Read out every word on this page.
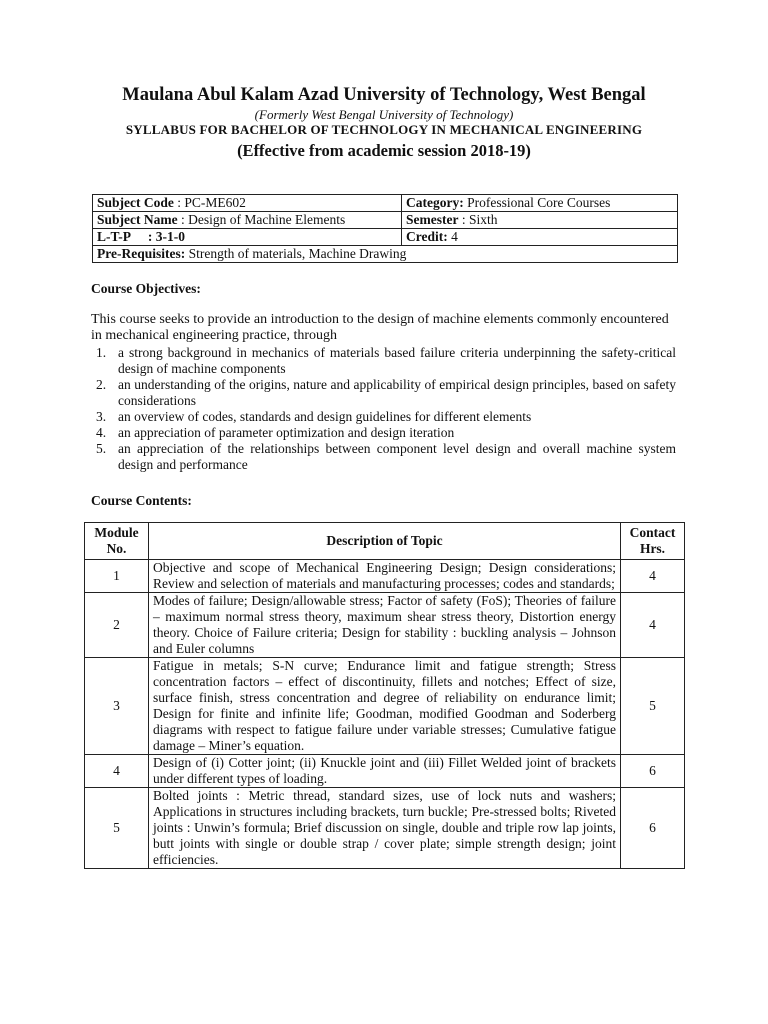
Maulana Abul Kalam Azad University of Technology, West Bengal
(Formerly West Bengal University of Technology)
SYLLABUS FOR BACHELOR OF TECHNOLOGY IN MECHANICAL ENGINEERING
(Effective from academic session 2018-19)
Subject Code : PC-ME602	Category: Professional Core Courses
Subject Name : Design of Machine Elements	Semester : Sixth
L-T-P : 3-1-0	Credit: 4
Pre-Requisites: Strength of materials, Machine Drawing	
Course Objectives:
This course seeks to provide an introduction to the design of machine elements commonly encountered in mechanical engineering practice, through
1. a strong background in mechanics of materials based failure criteria underpinning the safety-critical design of machine components
2. an understanding of the origins, nature and applicability of empirical design principles, based on safety considerations
3. an overview of codes, standards and design guidelines for different elements
4. an appreciation of parameter optimization and design iteration
5. an appreciation of the relationships between component level design and overall machine system design and performance
Course Contents:
Module No.	Description of Topic	Contact Hrs.
1	Objective and scope of Mechanical Engineering Design; Design considerations; Review and selection of materials and manufacturing processes; codes and standards;	4
2	Modes of failure; Design/allowable stress; Factor of safety (FoS); Theories of failure – maximum normal stress theory, maximum shear stress theory, Distortion energy theory. Choice of Failure criteria; Design for stability : buckling analysis – Johnson and Euler columns	4
3	Fatigue in metals; S-N curve; Endurance limit and fatigue strength; Stress concentration factors – effect of discontinuity, fillets and notches; Effect of size, surface finish, stress concentration and degree of reliability on endurance limit; Design for finite and infinite life; Goodman, modified Goodman and Soderberg diagrams with respect to fatigue failure under variable stresses; Cumulative fatigue damage – Miner’s equation.	5
4	Design of (i) Cotter joint; (ii) Knuckle joint and (iii) Fillet Welded joint of brackets under different types of loading.	6
5	Bolted joints : Metric thread, standard sizes, use of lock nuts and washers; Applications in structures including brackets, turn buckle; Pre-stressed bolts; Riveted joints : Unwin’s formula; Brief discussion on single, double and triple row lap joints, butt joints with single or double strap / cover plate; simple strength design; joint efficiencies.	6
